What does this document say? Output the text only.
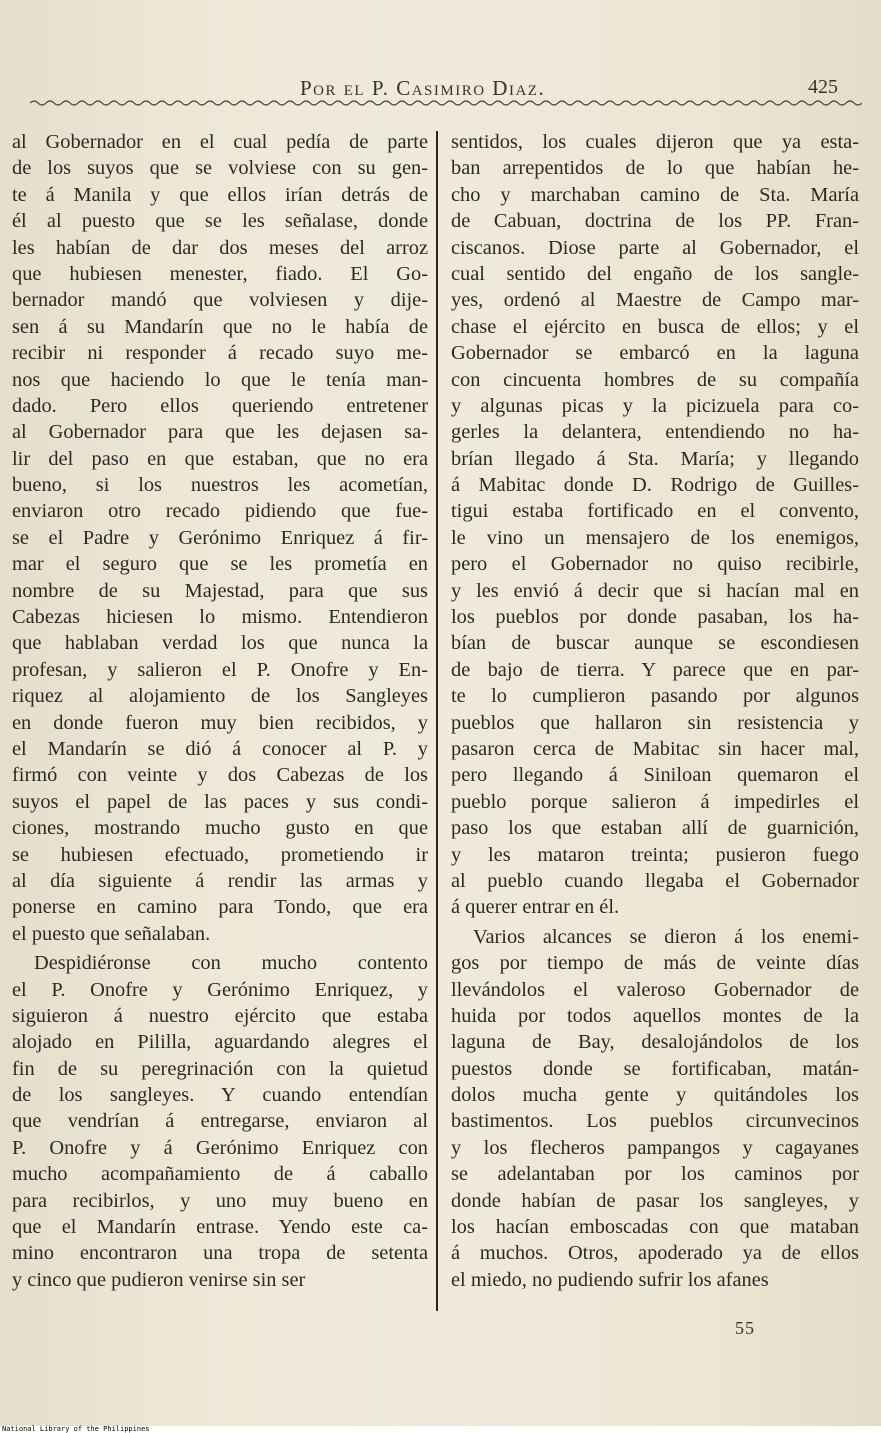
Por el P. Casimiro Diaz.	425

al Gobernador en el cual pedía de parte

de los suyos que se volviese con su gen-

te á Manila y que ellos irían detrás de

él al puesto que se les señalase, donde

les habían de dar dos meses del arroz

que hubiesen menester, fiado. El Go-

bernador mandó que volviesen y dije-

sen á su Mandarín que no le había de

recibir ni responder á recado suyo me-

nos que haciendo lo que le tenía man-

dado. Pero ellos queriendo entretener

al Gobernador para que les dejasen sa-

lir del paso en que estaban, que no era

bueno, si los nuestros les acometían,

enviaron otro recado pidiendo que fue-

se el Padre y Gerónimo Enriquez á fir-

mar el seguro que se les prometía en

nombre de su Majestad, para que sus

Cabezas hiciesen lo mismo. Entendieron

que hablaban verdad los que nunca la

profesan, y salieron el P. Onofre y En-

riquez al alojamiento de los Sangleyes

en donde fueron muy bien recibidos, y

el Mandarín se dió á conocer al P. y

firmó con veinte y dos Cabezas de los

suyos el papel de las paces y sus condi-

ciones, mostrando mucho gusto en que

se hubiesen efectuado, prometiendo ir

al día siguiente á rendir las armas y

ponerse en camino para Tondo, que era

el puesto que señalaban.

Despidiéronse con mucho contento

el P. Onofre y Gerónimo Enriquez, y

siguieron á nuestro ejército que estaba

alojado en Pililla, aguardando alegres el

fin de su peregrinación con la quietud

de los sangleyes. Y cuando entendían

que vendrían á entregarse, enviaron al

P. Onofre y á Gerónimo Enriquez con

mucho acompañamiento de á caballo

para recibirlos, y uno muy bueno en

que el Mandarín entrase. Yendo este ca-

mino encontraron una tropa de setenta

y cinco que pudieron venirse sin ser

sentidos, los cuales dijeron que ya esta-

ban arrepentidos de lo que habían he-

cho y marchaban camino de Sta. María

de Cabuan, doctrina de los PP. Fran-

ciscanos. Diose parte al Gobernador, el

cual sentido del engaño de los sangle-

yes, ordenó al Maestre de Campo mar-

chase el ejército en busca de ellos; y el

Gobernador se embarcó en la laguna

con cincuenta hombres de su compañía

y algunas picas y la picizuela para co-

gerles la delantera, entendiendo no ha-

brían llegado á Sta. María; y llegando

á Mabitac donde D. Rodrigo de Guilles-

tigui estaba fortificado en el convento,

le vino un mensajero de los enemigos,

pero el Gobernador no quiso recibirle,

y les envió á decir que si hacían mal en

los pueblos por donde pasaban, los ha-

bían de buscar aunque se escondiesen

de bajo de tierra. Y parece que en par-

te lo cumplieron pasando por algunos

pueblos que hallaron sin resistencia y

pasaron cerca de Mabitac sin hacer mal,

pero llegando á Siniloan quemaron el

pueblo porque salieron á impedirles el

paso los que estaban allí de guarnición,

y les mataron treinta; pusieron fuego

al pueblo cuando llegaba el Gobernador

á querer entrar en él.

Varios alcances se dieron á los enemi-

gos por tiempo de más de veinte días

llevándolos el valeroso Gobernador de

huida por todos aquellos montes de la

laguna de Bay, desalojándolos de los

puestos donde se fortificaban, matán-

dolos mucha gente y quitándoles los

bastimentos. Los pueblos circunvecinos

y los flecheros pampangos y cagayanes

se adelantaban por los caminos por

donde habían de pasar los sangleyes, y

los hacían emboscadas con que mataban

á muchos. Otros, apoderado ya de ellos

el miedo, no pudiendo sufrir los afanes

55
National Library of the Philippines
